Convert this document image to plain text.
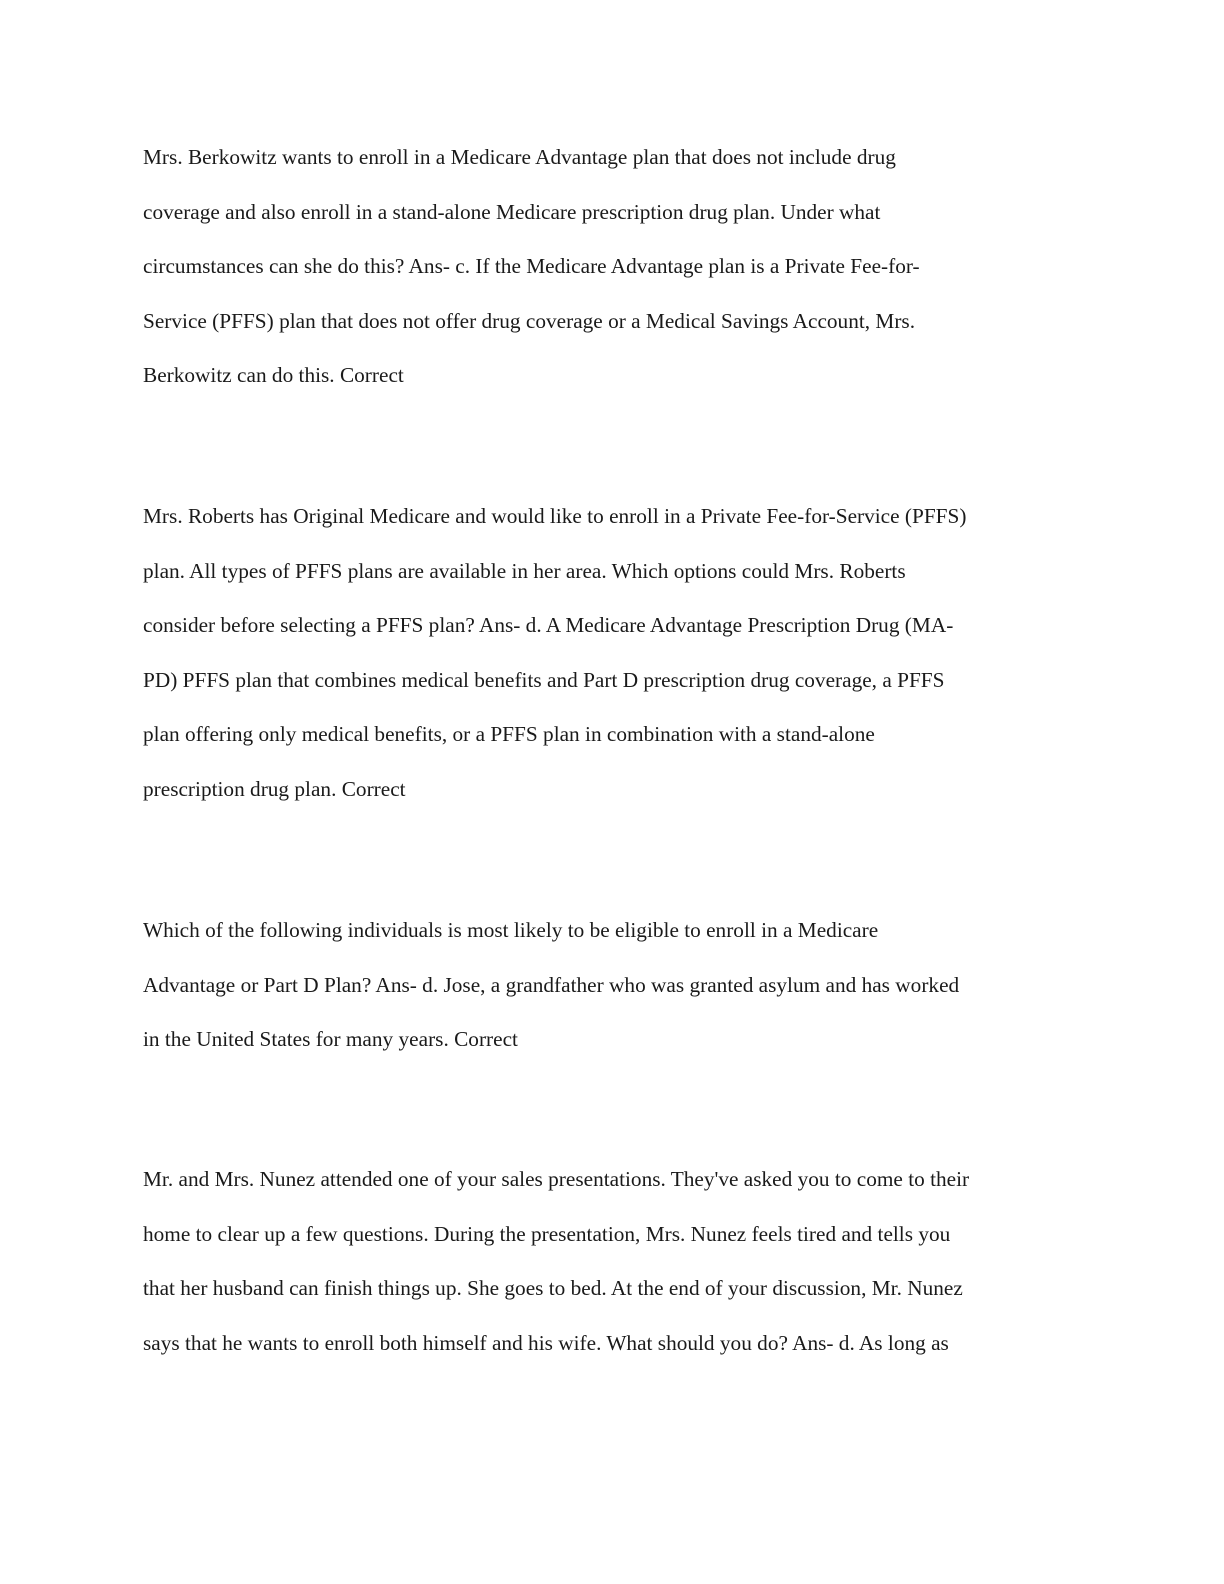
Mrs. Berkowitz wants to enroll in a Medicare Advantage plan that does not include drug
coverage and also enroll in a stand-alone Medicare prescription drug plan. Under what
circumstances can she do this? Ans- c. If the Medicare Advantage plan is a Private Fee-for-
Service (PFFS) plan that does not offer drug coverage or a Medical Savings Account, Mrs.
Berkowitz can do this. Correct

Mrs. Roberts has Original Medicare and would like to enroll in a Private Fee-for-Service (PFFS)
plan. All types of PFFS plans are available in her area. Which options could Mrs. Roberts
consider before selecting a PFFS plan? Ans- d. A Medicare Advantage Prescription Drug (MA-
PD) PFFS plan that combines medical benefits and Part D prescription drug coverage, a PFFS
plan offering only medical benefits, or a PFFS plan in combination with a stand-alone
prescription drug plan. Correct

Which of the following individuals is most likely to be eligible to enroll in a Medicare
Advantage or Part D Plan? Ans- d. Jose, a grandfather who was granted asylum and has worked
in the United States for many years. Correct

Mr. and Mrs. Nunez attended one of your sales presentations. They've asked you to come to their
home to clear up a few questions. During the presentation, Mrs. Nunez feels tired and tells you
that her husband can finish things up. She goes to bed. At the end of your discussion, Mr. Nunez
says that he wants to enroll both himself and his wife. What should you do? Ans- d. As long as
